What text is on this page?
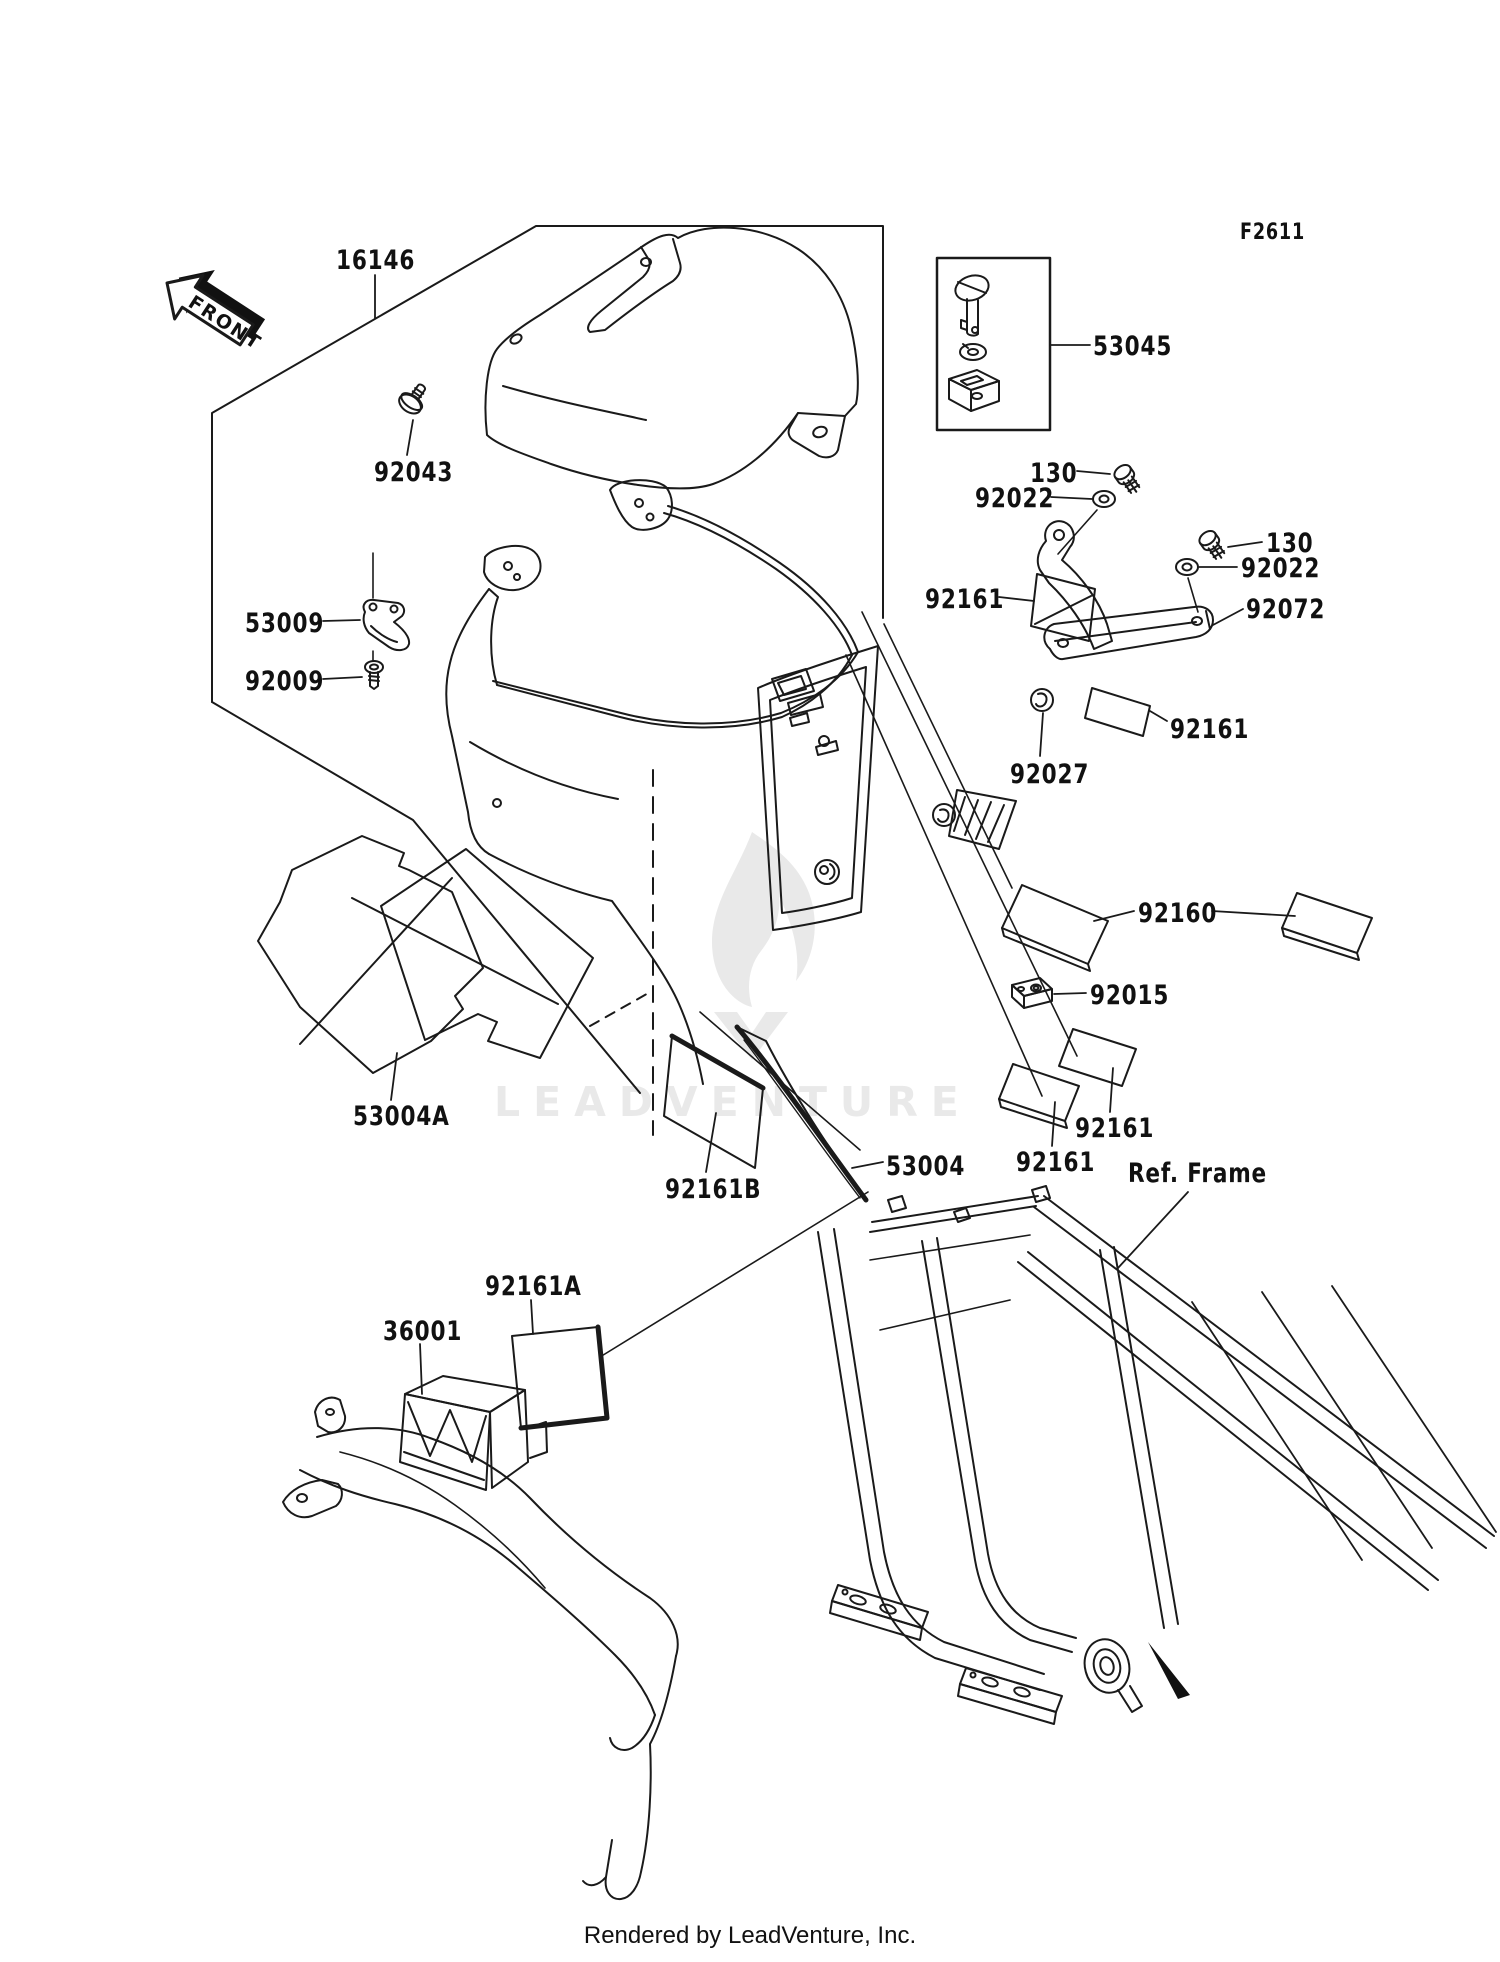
LEADVENTURE
FRONT
16146
92043
53045
130
92022
130
92022
92161	92072
92161
92027
53009
92009
92160
92015
53004A
92161B
53004
92161
92161 Ref. Frame
92161A
36001
F2611
Rendered by LeadVenture, Inc.
